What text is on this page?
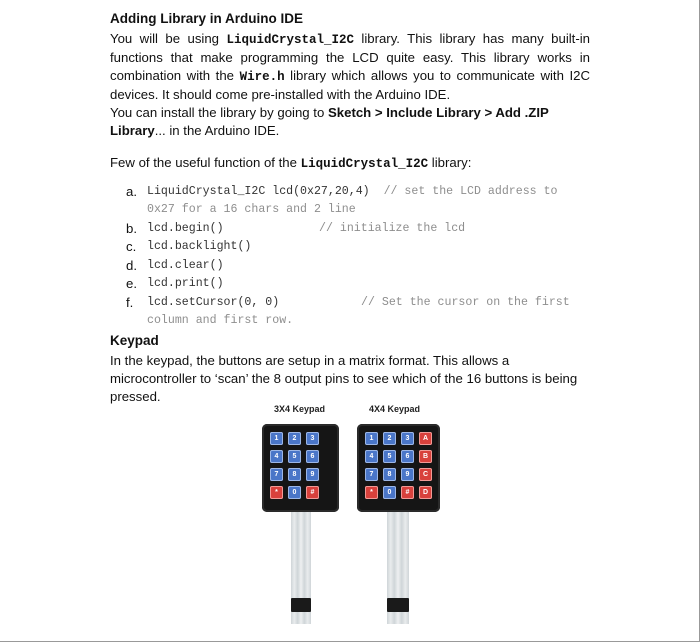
Adding Library in Arduino IDE

You will be using LiquidCrystal_I2C library. This library has many built-in functions that make programming the LCD quite easy. This library works in combination with the Wire.h library which allows you to communicate with I2C devices. It should come pre-installed with the Arduino IDE.

You can install the library by going to Sketch > Include Library > Add .ZIP Library... in the Arduino IDE.

Few of the useful function of the LiquidCrystal_I2C library:

a. LiquidCrystal_I2C lcd(0x27,20,4) // set the LCD address to
0x27 for a 16 chars and 2 line
b. lcd.begin()	// initialize the lcd
c. lcd.backlight()
d. lcd.clear()
e. lcd.print()
f. lcd.setCursor(0, 0)	// Set the cursor on the first
column and first row.
Keypad

In the keypad, the buttons are setup in a matrix format. This allows a microcontroller to ‘scan’ the 8 output pins to see which of the 16 buttons is being pressed.

3X4 Keypad	4X4 Keypad
1	2	3
4	5	6
7	8	9
*	0	#
1	2	3	A
4	5	6	B
7	8	9	C
*	0	#	D
